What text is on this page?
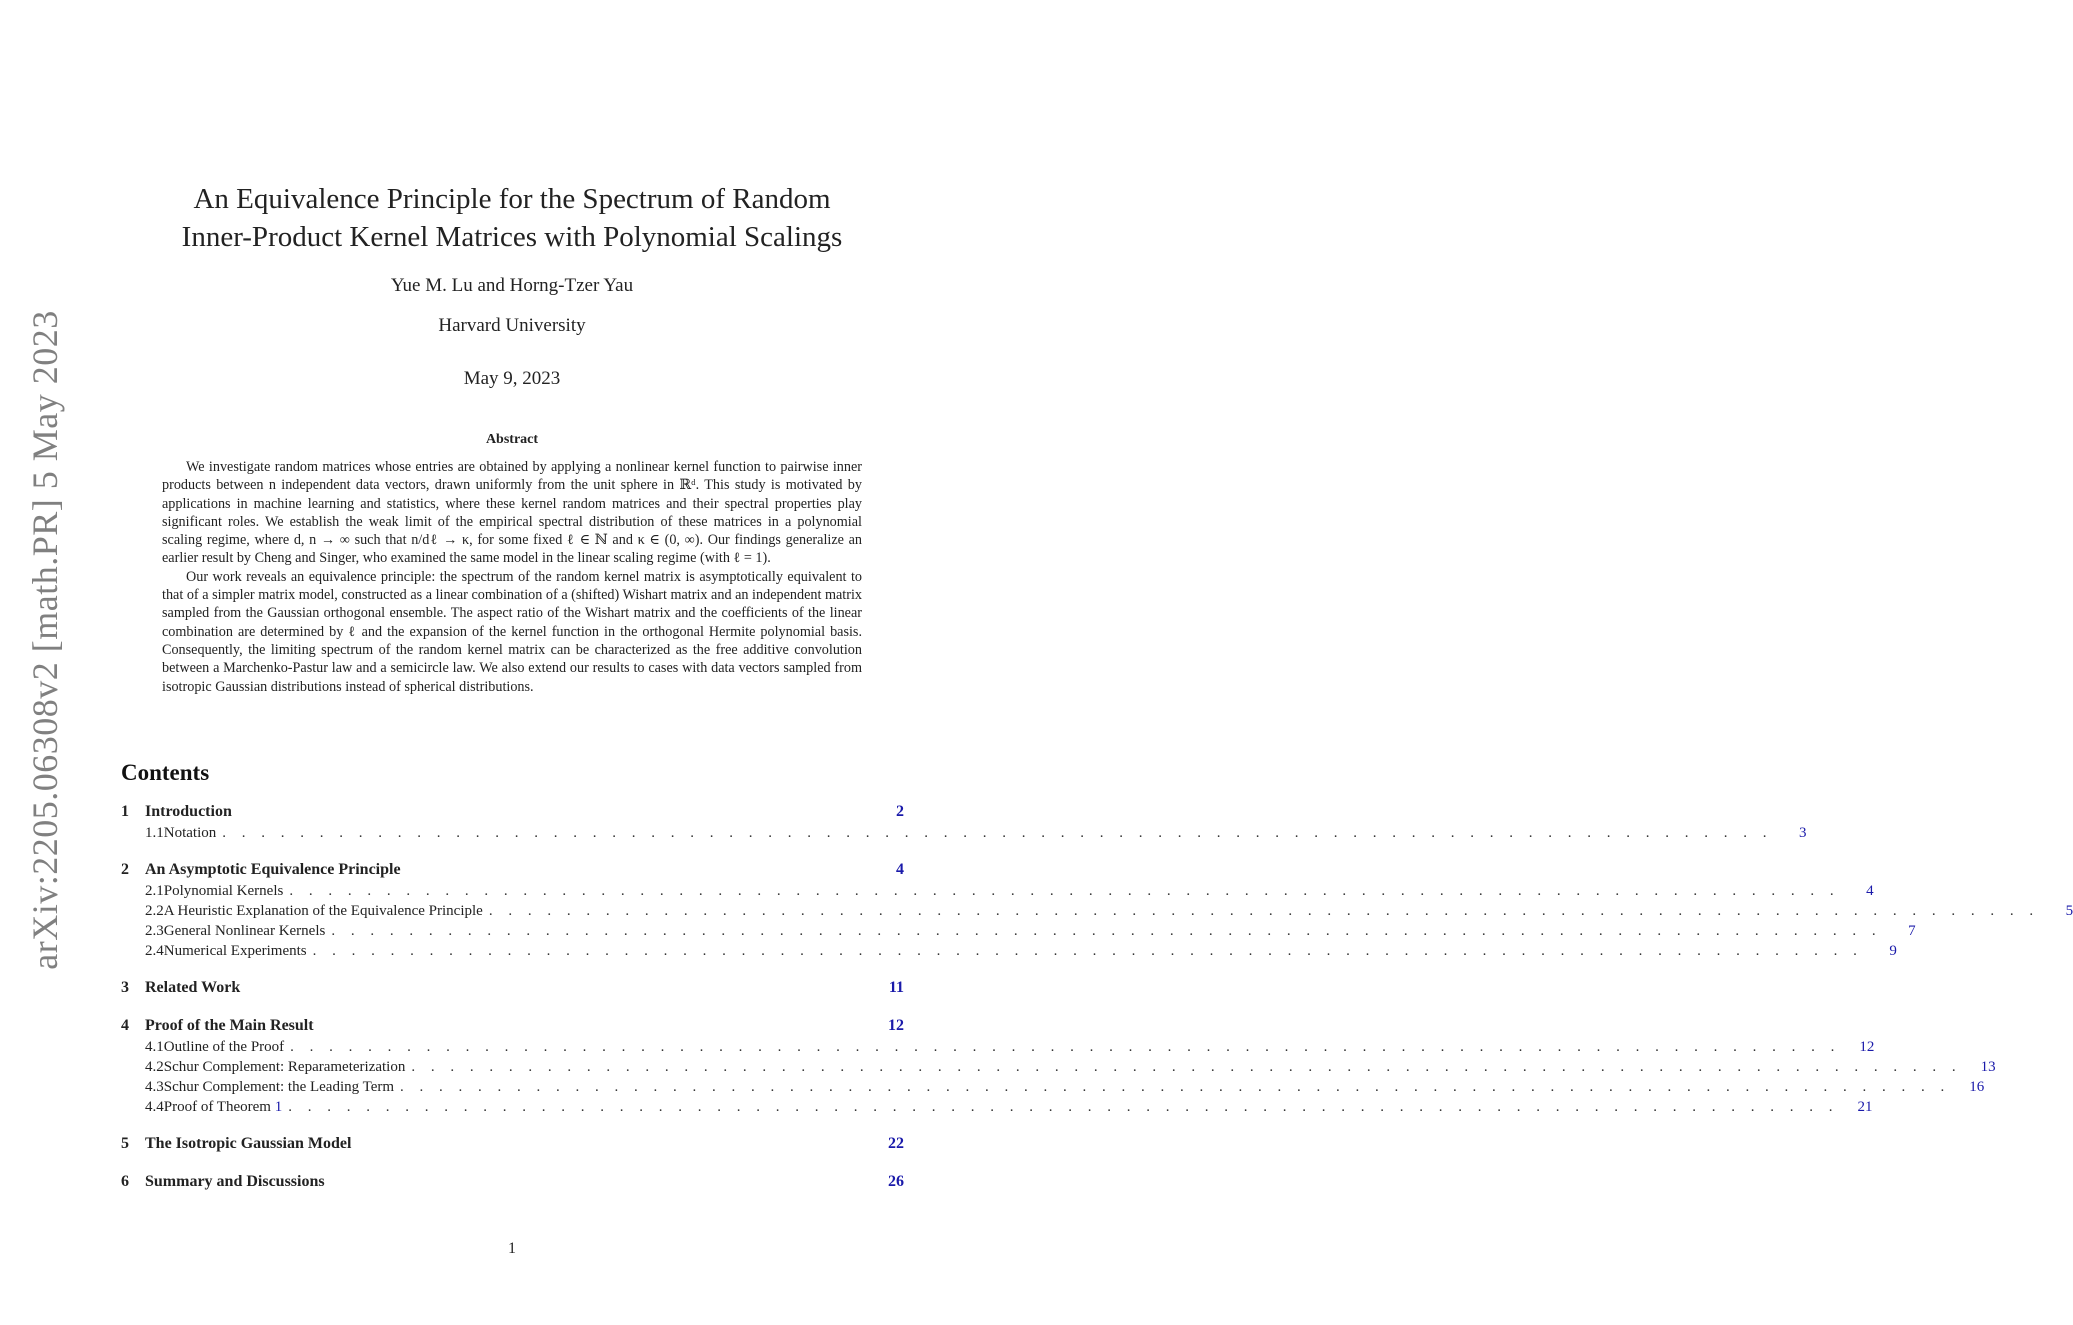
arXiv:2205.06308v2 [math.PR] 5 May 2023
An Equivalence Principle for the Spectrum of Random
Inner-Product Kernel Matrices with Polynomial Scalings
Yue M. Lu and Horng-Tzer Yau
Harvard University
May 9, 2023
Abstract

We investigate random matrices whose entries are obtained by applying a nonlinear kernel function to pairwise inner products between n independent data vectors, drawn uniformly from the unit sphere in ℝᵈ. This study is motivated by applications in machine learning and statistics, where these kernel random matrices and their spectral properties play significant roles. We establish the weak limit of the empirical spectral distribution of these matrices in a polynomial scaling regime, where d, n → ∞ such that n/dℓ → κ, for some fixed ℓ ∈ ℕ and κ ∈ (0, ∞). Our findings generalize an earlier result by Cheng and Singer, who examined the same model in the linear scaling regime (with ℓ = 1).

Our work reveals an equivalence principle: the spectrum of the random kernel matrix is asymptotically equivalent to that of a simpler matrix model, constructed as a linear combination of a (shifted) Wishart matrix and an independent matrix sampled from the Gaussian orthogonal ensemble. The aspect ratio of the Wishart matrix and the coefficients of the linear combination are determined by ℓ and the expansion of the kernel function in the orthogonal Hermite polynomial basis. Consequently, the limiting spectrum of the random kernel matrix can be characterized as the free additive convolution between a Marchenko-Pastur law and a semicircle law. We also extend our results to cases with data vectors sampled from isotropic Gaussian distributions instead of spherical distributions.

Contents
1	Introduction	2
1.1 Notation . . . . . . . . . . . . . . . . . . . . . . . . . . . . . . . . . . . . . . . . . . . . . . . . . . . . . . . . . . . . . . . . . . . . . . . . . . . . . . . .	3
2	An Asymptotic Equivalence Principle	4
2.1 Polynomial Kernels . . . . . . . . . . . . . . . . . . . . . . . . . . . . . . . . . . . . . . . . . . . . . . . . . . . . . . . . . . . . . . . . . . . . . . . . . . . . . . . .	4
2.2 A Heuristic Explanation of the Equivalence Principle . . . . . . . . . . . . . . . . . . . . . . . . . . . . . . . . . . . . . . . . . . . . . . . . . . . . . . . . . . . . . . . . . . . . . . . . . . . . . . . .	5
2.3 General Nonlinear Kernels . . . . . . . . . . . . . . . . . . . . . . . . . . . . . . . . . . . . . . . . . . . . . . . . . . . . . . . . . . . . . . . . . . . . . . . . . . . . . . . .	7
2.4 Numerical Experiments . . . . . . . . . . . . . . . . . . . . . . . . . . . . . . . . . . . . . . . . . . . . . . . . . . . . . . . . . . . . . . . . . . . . . . . . . . . . . . . .	9
3	Related Work	11
4	Proof of the Main Result	12
4.1 Outline of the Proof . . . . . . . . . . . . . . . . . . . . . . . . . . . . . . . . . . . . . . . . . . . . . . . . . . . . . . . . . . . . . . . . . . . . . . . . . . . . . . . .	12
4.2 Schur Complement: Reparameterization . . . . . . . . . . . . . . . . . . . . . . . . . . . . . . . . . . . . . . . . . . . . . . . . . . . . . . . . . . . . . . . . . . . . . . . . . . . . . . . .	13
4.3 Schur Complement: the Leading Term . . . . . . . . . . . . . . . . . . . . . . . . . . . . . . . . . . . . . . . . . . . . . . . . . . . . . . . . . . . . . . . . . . . . . . . . . . . . . . . .	16
4.4 Proof of Theorem 1 . . . . . . . . . . . . . . . . . . . . . . . . . . . . . . . . . . . . . . . . . . . . . . . . . . . . . . . . . . . . . . . . . . . . . . . . . . . . . . . .	21
5	The Isotropic Gaussian Model	22
6	Summary and Discussions	26
1
